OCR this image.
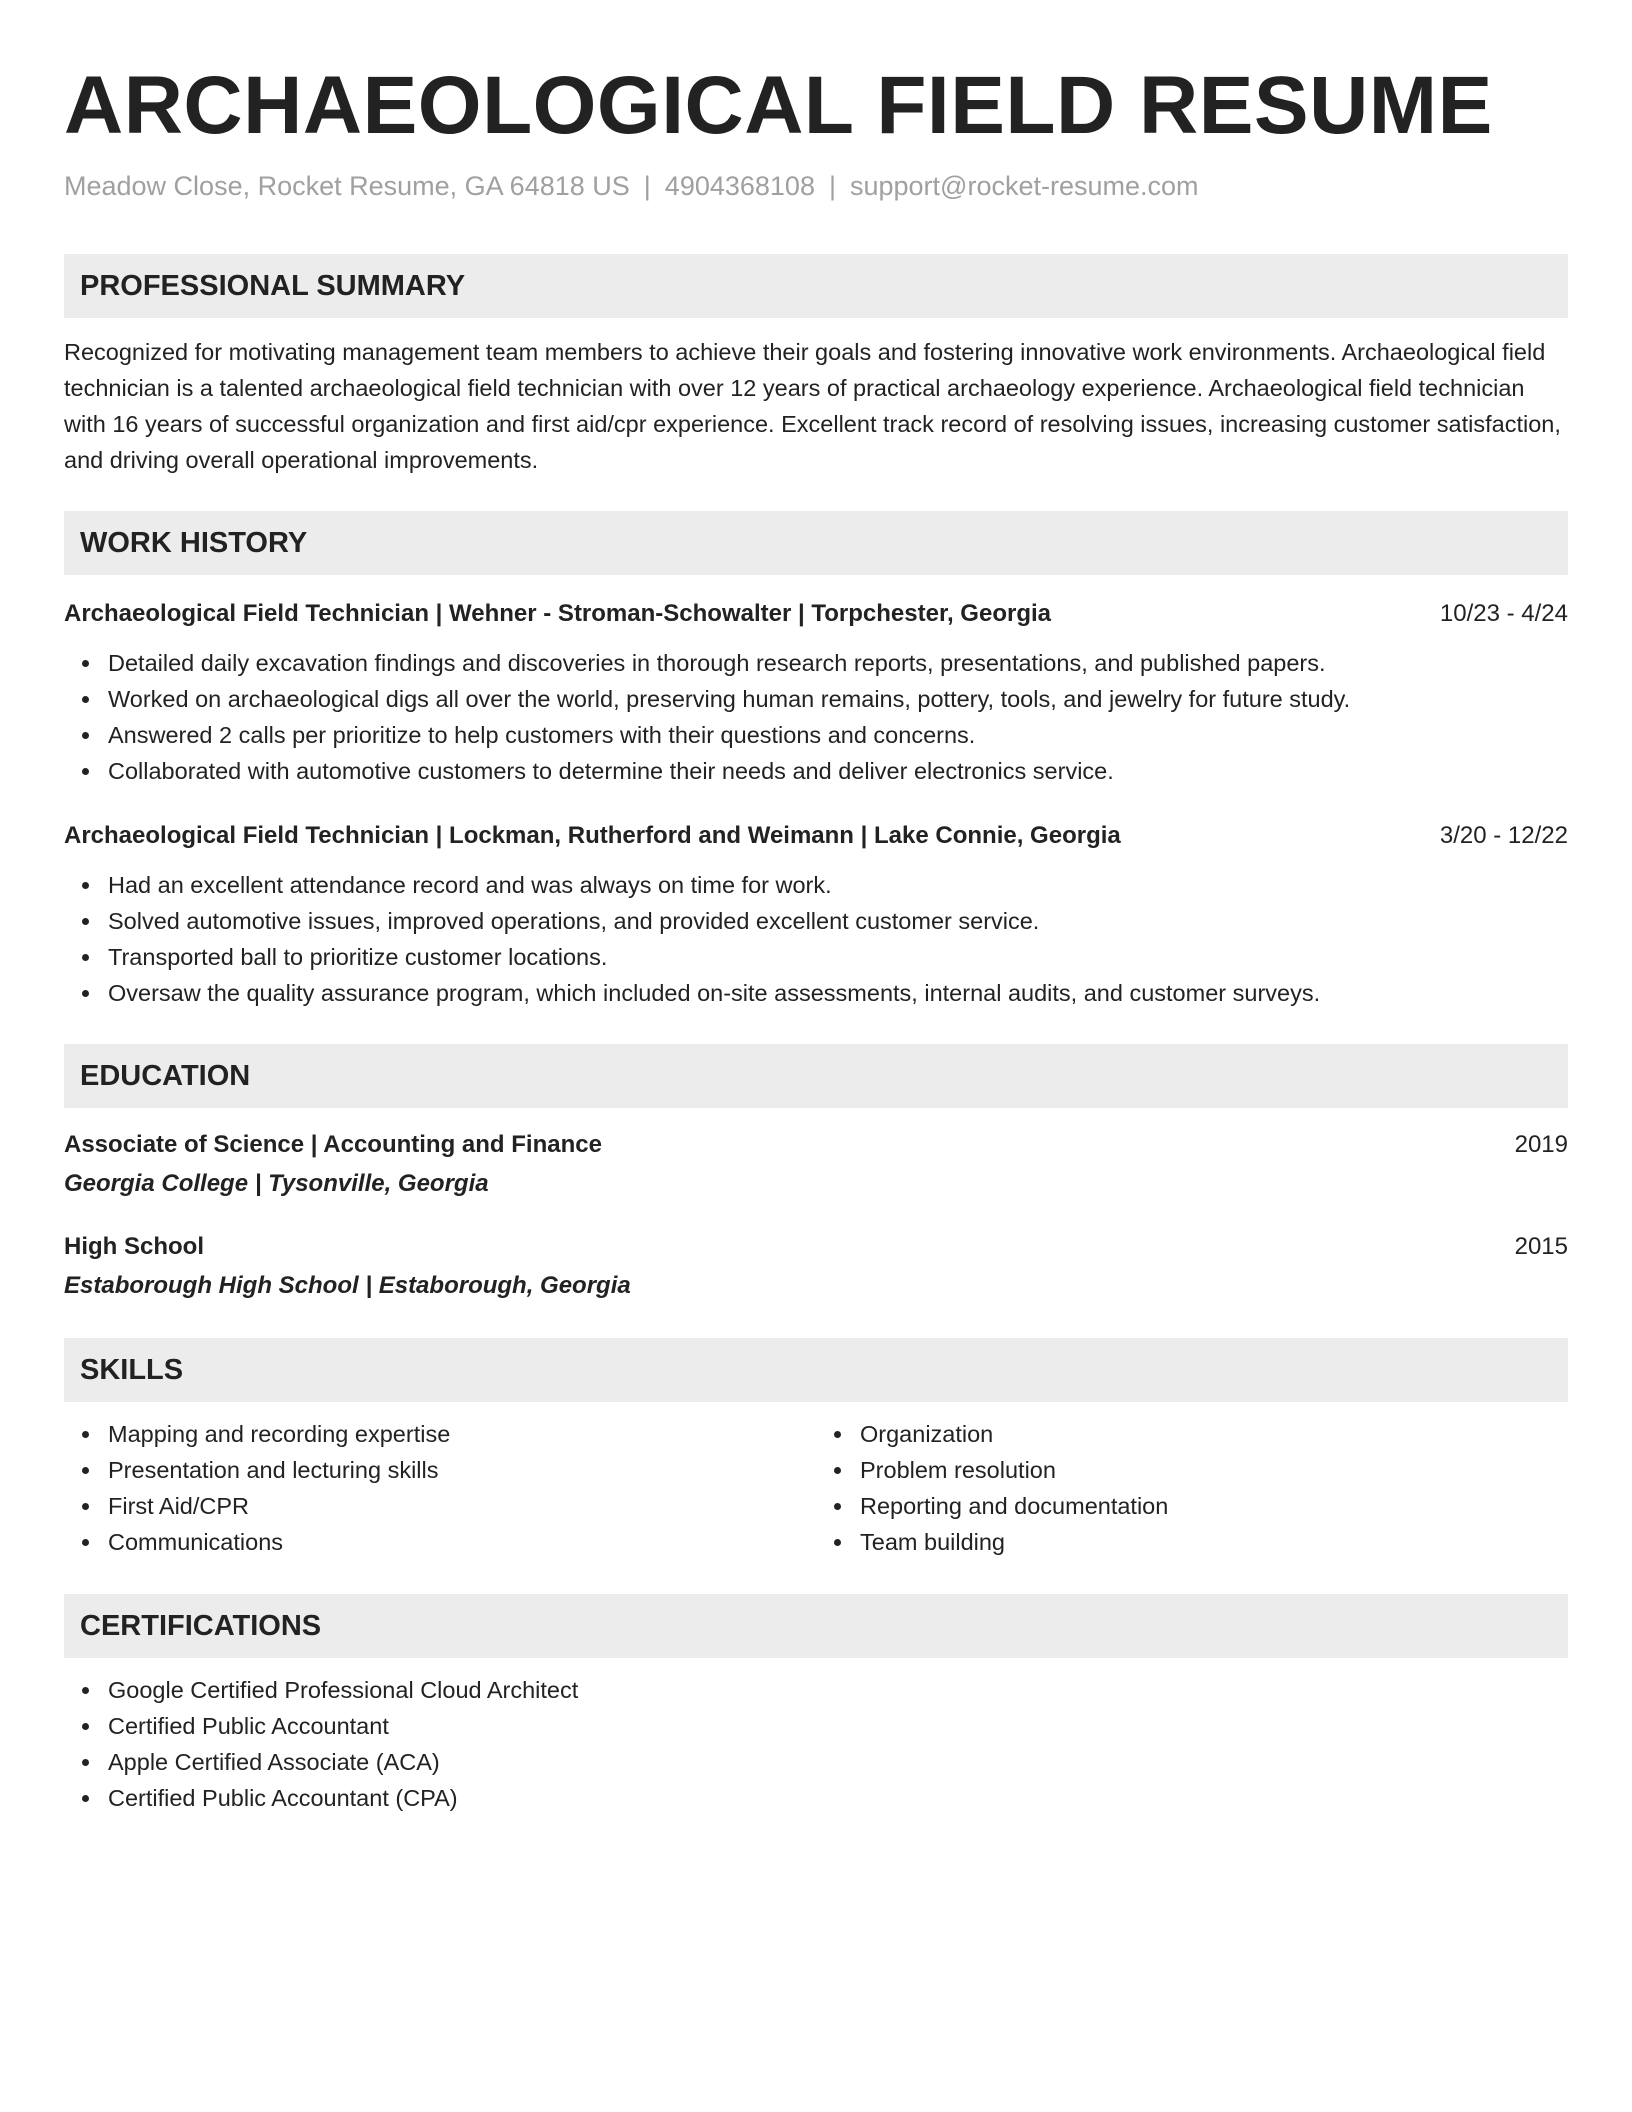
ARCHAEOLOGICAL FIELD RESUME
Meadow Close, Rocket Resume, GA 64818 US | 4904368108 | support@rocket-resume.com
PROFESSIONAL SUMMARY
Recognized for motivating management team members to achieve their goals and fostering innovative work environments. Archaeological field technician is a talented archaeological field technician with over 12 years of practical archaeology experience. Archaeological field technician with 16 years of successful organization and first aid/cpr experience. Excellent track record of resolving issues, increasing customer satisfaction, and driving overall operational improvements.
WORK HISTORY
Archaeological Field Technician | Wehner - Stroman-Schowalter | Torpchester, Georgia	10/23 - 4/24
Detailed daily excavation findings and discoveries in thorough research reports, presentations, and published papers.
Worked on archaeological digs all over the world, preserving human remains, pottery, tools, and jewelry for future study.
Answered 2 calls per prioritize to help customers with their questions and concerns.
Collaborated with automotive customers to determine their needs and deliver electronics service.
Archaeological Field Technician | Lockman, Rutherford and Weimann | Lake Connie, Georgia	3/20 - 12/22
Had an excellent attendance record and was always on time for work.
Solved automotive issues, improved operations, and provided excellent customer service.
Transported ball to prioritize customer locations.
Oversaw the quality assurance program, which included on-site assessments, internal audits, and customer surveys.
EDUCATION
Associate of Science | Accounting and Finance	2019
Georgia College | Tysonville, Georgia
High School	2015
Estaborough High School | Estaborough, Georgia
SKILLS
Mapping and recording expertise
Presentation and lecturing skills
First Aid/CPR
Communications
Organization
Problem resolution
Reporting and documentation
Team building
CERTIFICATIONS
Google Certified Professional Cloud Architect
Certified Public Accountant
Apple Certified Associate (ACA)
Certified Public Accountant (CPA)
